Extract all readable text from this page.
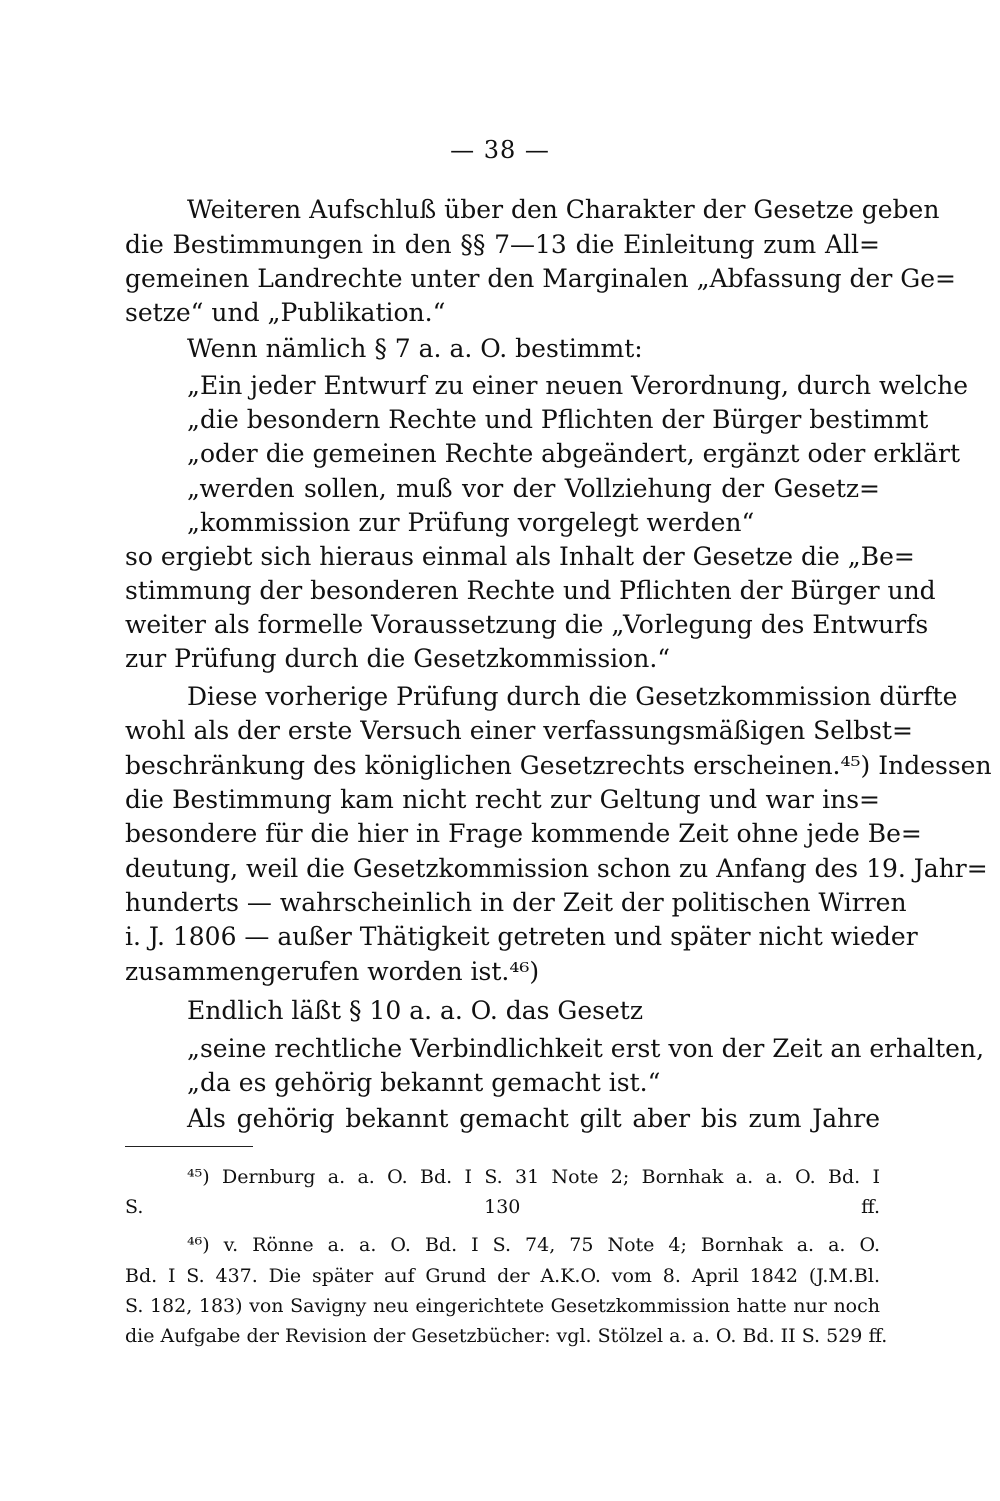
— 38 —
Weiteren Aufschluß über den Charakter der Gesetze geben
die Bestimmungen in den §§ 7—13 die Einleitung zum All=
gemeinen Landrechte unter den Marginalen „Abfassung der Ge=
setze“ und „Publikation.“
Wenn nämlich § 7 a. a. O. bestimmt:
„Ein jeder Entwurf zu einer neuen Verordnung, durch welche
„die besondern Rechte und Pflichten der Bürger bestimmt
„oder die gemeinen Rechte abgeändert, ergänzt oder erklärt
„werden sollen, muß vor der Vollziehung der Gesetz=
„kommission zur Prüfung vorgelegt werden“
so ergiebt sich hieraus einmal als Inhalt der Gesetze die „Be=
stimmung der besonderen Rechte und Pflichten der Bürger und
weiter als formelle Voraussetzung die „Vorlegung des Entwurfs
zur Prüfung durch die Gesetzkommission.“
Diese vorherige Prüfung durch die Gesetzkommission dürfte
wohl als der erste Versuch einer verfassungsmäßigen Selbst=
beschränkung des königlichen Gesetzrechts erscheinen.⁴⁵) Indessen
die Bestimmung kam nicht recht zur Geltung und war ins=
besondere für die hier in Frage kommende Zeit ohne jede Be=
deutung, weil die Gesetzkommission schon zu Anfang des 19. Jahr=
hunderts — wahrscheinlich in der Zeit der politischen Wirren
i. J. 1806 — außer Thätigkeit getreten und später nicht wieder
zusammengerufen worden ist.⁴⁶)
Endlich läßt § 10 a. a. O. das Gesetz
„seine rechtliche Verbindlichkeit erst von der Zeit an erhalten,
„da es gehörig bekannt gemacht ist.“
Als gehörig bekannt gemacht gilt aber bis zum Jahre
⁴⁵) Dernburg a. a. O. Bd. I S. 31 Note 2; Bornhak a. a. O. Bd. I
S. 130 ff.
⁴⁶) v. Rönne a. a. O. Bd. I S. 74, 75 Note 4; Bornhak a. a. O.
Bd. I S. 437. Die später auf Grund der A.K.O. vom 8. April 1842 (J.M.Bl.
S. 182, 183) von Savigny neu eingerichtete Gesetzkommission hatte nur noch
die Aufgabe der Revision der Gesetzbücher: vgl. Stölzel a. a. O. Bd. II S. 529 ff.
